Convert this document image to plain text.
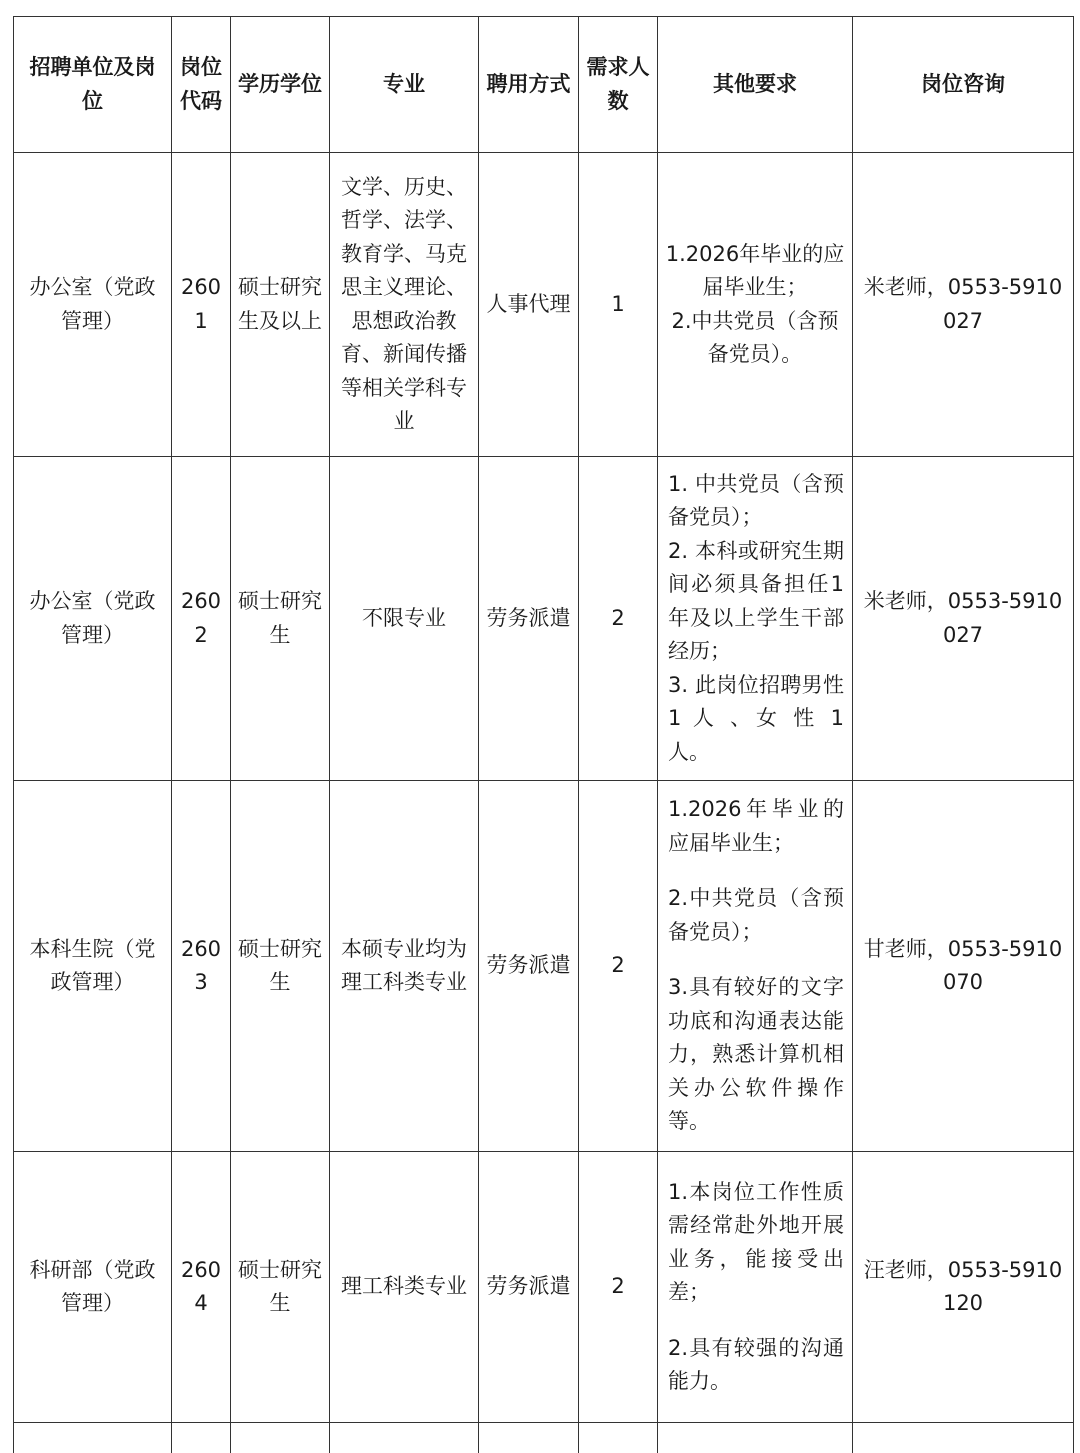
招聘单位及岗位	岗位代码	学历学位	专业	聘用方式	需求人数	其他要求	岗位咨询
办公室（党政管理）	2601	硕士研究生及以上	文学、历史、哲学、法学、教育学、马克思主义理论、思想政治教育、新闻传播等相关学科专业	人事代理	1	1.2026年毕业的应届毕业生；
2.中共党员（含预备党员）。	米老师，0553-5910027
办公室（党政管理）	2602	硕士研究生	不限专业	劳务派遣	2	1. 中共党员（含预备党员）；
2. 本科或研究生期间必须具备担任1年及以上学生干部经历；
3. 此岗位招聘男性 1 人 、女 性 1 人。	米老师，0553-5910027
本科生院（党政管理）	2603	硕士研究生	本硕专业均为理工科类专业	劳务派遣	2	1.2026年毕业的应届毕业生；
2.中共党员（含预备党员）；
3.具有较好的文字功底和沟通表达能力，熟悉计算机相关办公软件操作等。	甘老师，0553-5910070
科研部（党政管理）	2604	硕士研究生	理工科类专业	劳务派遣	2	1.本岗位工作性质需经常赴外地开展业务，能接受出差；
2.具有较强的沟通能力。	汪老师，0553-5910120
